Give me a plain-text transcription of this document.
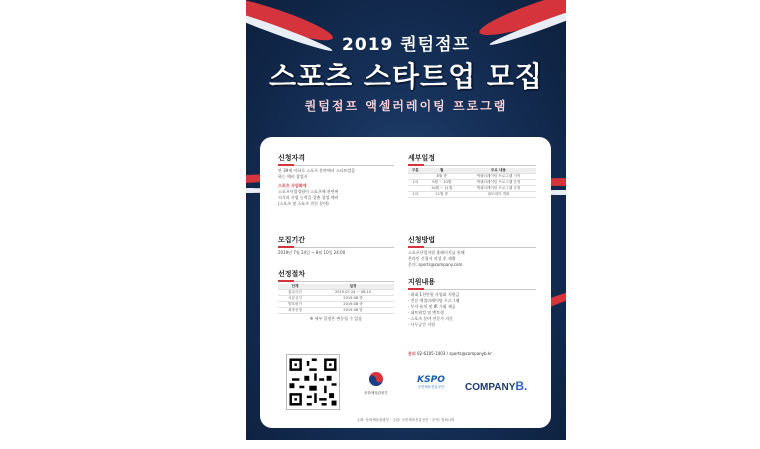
2019 퀀텀점프
스포츠 스타트업 모집
퀀텀점프 액셀러레이팅 프로그램
신청자격
만 39세 이하로 스포츠 분야에서 스타트업을
하는 예비 창업자
스포츠 사업화에
스포츠사업경험이 스포츠에 관련된
지식과 사업 능력을 갖춘 창업 예비
(스포츠 및 스포츠 전문 분야)
모집기간
2019년 7월 24일 ~ 8월 10일 24:00
선정절차
단계	일정
접수마감	2019.07.24 ~ 08.10
서류심사	2019.08 중
발표평가	2019.08 중
최종선정	2019.08 말
※ 세부 일정은 변동될 수 있음
세부일정
구분	월	주요 내용
	8월 중	액셀러레이팅 프로그램 시작
1차	9월 ~ 10월	액셀러레이팅 프로그램 운영
	10월 ~ 11월	액셀러레이팅 프로그램 운영
2차	11월 중	데모데이 개최
신청방법
스포츠산업지원 홈페이지를 통해
온라인 신청서 작성 후 제출
문의: sports@company.com
지원내용
· 최대 1천만원 사업화 지원금
· 전문 액셀러레이팅 프로그램
· 투자 유치 및 IR 기회 제공
· 네트워킹 및 멘토링
· 스포츠 분야 전문가 자문
· 사무공간 지원
문의 02-6105-1003 / sports@companyb.kr
문화체육관광부
KSPO
국민체육진흥공단	COMPANYB.
주최: 문화체육관광부 · 주관: 국민체육진흥공단 · 운영: 컴퍼니비
